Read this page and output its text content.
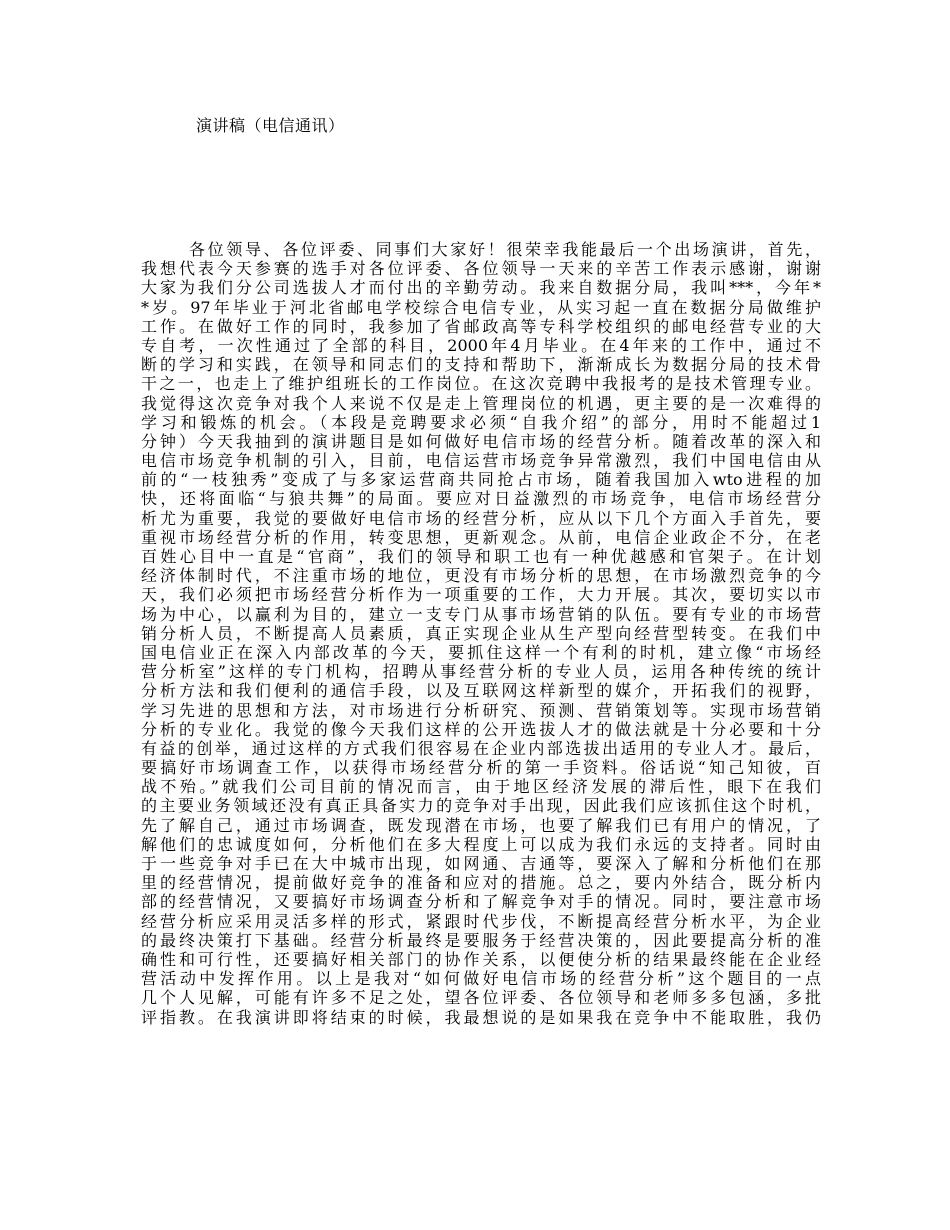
演讲稿（电信通讯）
各位领导、各位评委、同事们大家好！很荣幸我能最后一个出场演讲，首先，
我想代表今天参赛的选手对各位评委、各位领导一天来的辛苦工作表示感谢，谢谢
大家为我们分公司选拔人才而付出的辛勤劳动。我来自数据分局，我叫***，今年*
*岁。97年毕业于河北省邮电学校综合电信专业，从实习起一直在数据分局做维护
工作。在做好工作的同时，我参加了省邮政高等专科学校组织的邮电经营专业的大
专自考，一次性通过了全部的科目，2000年4月毕业。在4年来的工作中，通过不
断的学习和实践，在领导和同志们的支持和帮助下，渐渐成长为数据分局的技术骨
干之一，也走上了维护组班长的工作岗位。在这次竞聘中我报考的是技术管理专业。
我觉得这次竞争对我个人来说不仅是走上管理岗位的机遇，更主要的是一次难得的
学习和锻炼的机会。（本段是竞聘要求必须“自我介绍”的部分，用时不能超过1
分钟）今天我抽到的演讲题目是如何做好电信市场的经营分析。随着改革的深入和
电信市场竞争机制的引入，目前，电信运营市场竞争异常激烈，我们中国电信由从
前的“一枝独秀”变成了与多家运营商共同抢占市场，随着我国加入wto进程的加
快，还将面临“与狼共舞”的局面。要应对日益激烈的市场竞争，电信市场经营分
析尤为重要，我觉的要做好电信市场的经营分析，应从以下几个方面入手首先，要
重视市场经营分析的作用，转变思想，更新观念。从前，电信企业政企不分，在老
百姓心目中一直是“官商”，我们的领导和职工也有一种优越感和官架子。在计划
经济体制时代，不注重市场的地位，更没有市场分析的思想，在市场激烈竞争的今
天，我们必须把市场经营分析作为一项重要的工作，大力开展。其次，要切实以市
场为中心，以赢利为目的，建立一支专门从事市场营销的队伍。要有专业的市场营
销分析人员，不断提高人员素质，真正实现企业从生产型向经营型转变。在我们中
国电信业正在深入内部改革的今天，要抓住这样一个有利的时机，建立像“市场经
营分析室”这样的专门机构，招聘从事经营分析的专业人员，运用各种传统的统计
分析方法和我们便利的通信手段，以及互联网这样新型的媒介，开拓我们的视野，
学习先进的思想和方法，对市场进行分析研究、预测、营销策划等。实现市场营销
分析的专业化。我觉的像今天我们这样的公开选拔人才的做法就是十分必要和十分
有益的创举，通过这样的方式我们很容易在企业内部选拔出适用的专业人才。最后，
要搞好市场调查工作，以获得市场经营分析的第一手资料。俗话说“知己知彼，百
战不殆。”就我们公司目前的情况而言，由于地区经济发展的滞后性，眼下在我们
的主要业务领域还没有真正具备实力的竞争对手出现，因此我们应该抓住这个时机，
先了解自己，通过市场调查，既发现潜在市场，也要了解我们已有用户的情况，了
解他们的忠诚度如何，分析他们在多大程度上可以成为我们永远的支持者。同时由
于一些竞争对手已在大中城市出现，如网通、吉通等，要深入了解和分析他们在那
里的经营情况，提前做好竞争的准备和应对的措施。总之，要内外结合，既分析内
部的经营情况，又要搞好市场调查分析和了解竞争对手的情况。同时，要注意市场
经营分析应采用灵活多样的形式，紧跟时代步伐，不断提高经营分析水平，为企业
的最终决策打下基础。经营分析最终是要服务于经营决策的，因此要提高分析的准
确性和可行性，还要搞好相关部门的协作关系，以便使分析的结果最终能在企业经
营活动中发挥作用。以上是我对“如何做好电信市场的经营分析”这个题目的一点
几个人见解，可能有许多不足之处，望各位评委、各位领导和老师多多包涵，多批
评指教。在我演讲即将结束的时候，我最想说的是如果我在竞争中不能取胜，我仍
